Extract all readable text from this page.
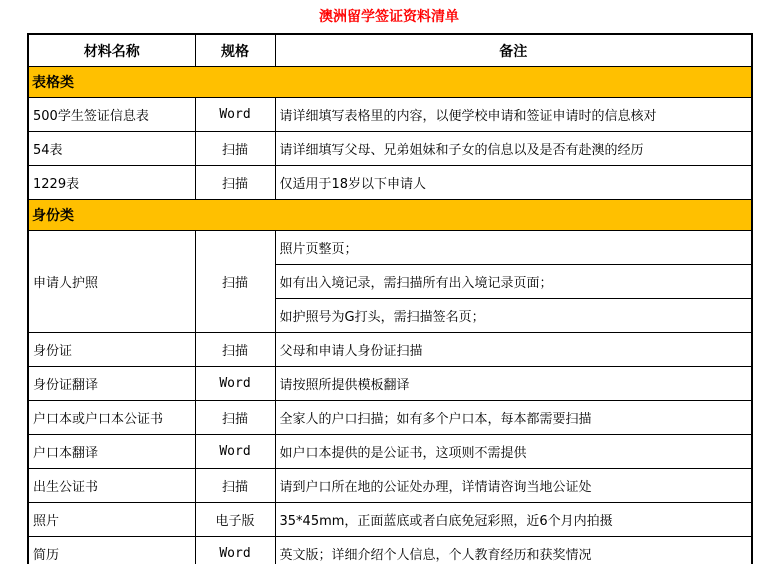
澳洲留学签证资料清单
材料名称	规格	备注
表格类		
500学生签证信息表	Word	请详细填写表格里的内容，以便学校申请和签证申请时的信息核对
54表	扫描	请详细填写父母、兄弟姐妹和子女的信息以及是否有赴澳的经历
1229表	扫描	仅适用于18岁以下申请人
身份类		
申请人护照	扫描	照片页整页；
		如有出入境记录，需扫描所有出入境记录页面；
		如护照号为G打头，需扫描签名页；
身份证	扫描	父母和申请人身份证扫描
身份证翻译	Word	请按照所提供模板翻译
户口本或户口本公证书	扫描	全家人的户口扫描；如有多个户口本，每本都需要扫描
户口本翻译	Word	如户口本提供的是公证书，这项则不需提供
出生公证书	扫描	请到户口所在地的公证处办理，详情请咨询当地公证处
照片	电子版	35*45mm，正面蓝底或者白底免冠彩照，近6个月内拍摄
简历	Word	英文版；详细介绍个人信息，个人教育经历和获奖情况
